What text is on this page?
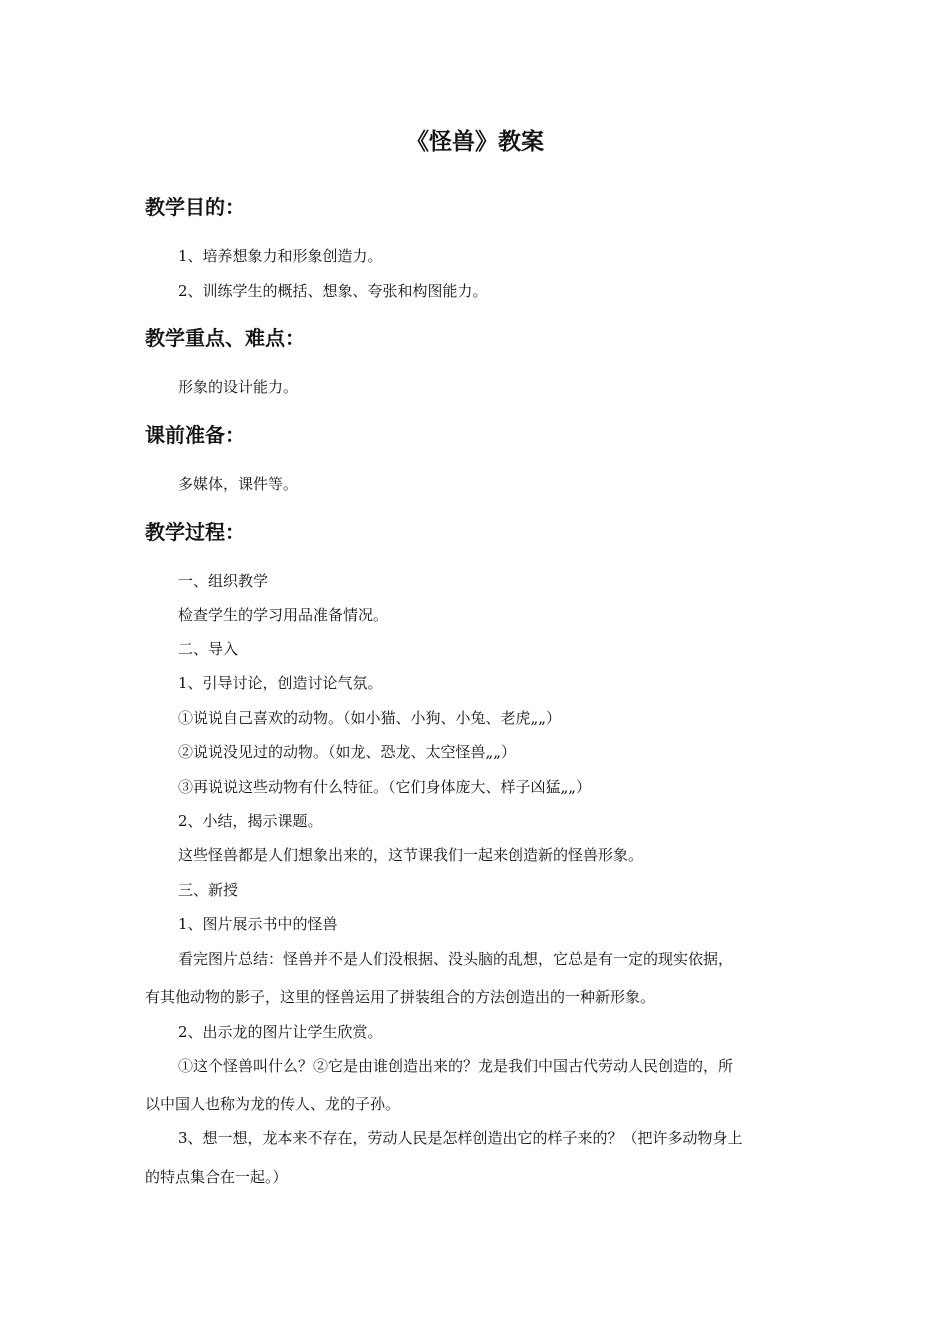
《怪兽》教案
教学目的：

1、培养想象力和形象创造力。

2、训练学生的概括、想象、夸张和构图能力。

教学重点、难点：

形象的设计能力。

课前准备：

多媒体，课件等。

教学过程：

一、组织教学

检查学生的学习用品准备情况。

二、导入

1、引导讨论，创造讨论气氛。

①说说自己喜欢的动物。（如小猫、小狗、小兔、老虎„„）

②说说没见过的动物。（如龙、恐龙、太空怪兽„„）

③再说说这些动物有什么特征。（它们身体庞大、样子凶猛„„）

2、小结，揭示课题。

这些怪兽都是人们想象出来的，这节课我们一起来创造新的怪兽形象。

三、新授

1、图片展示书中的怪兽

看完图片总结：怪兽并不是人们没根据、没头脑的乱想，它总是有一定的现实依据，

有其他动物的影子，这里的怪兽运用了拼装组合的方法创造出的一种新形象。

2、出示龙的图片让学生欣赏。

①这个怪兽叫什么？②它是由谁创造出来的？龙是我们中国古代劳动人民创造的，所

以中国人也称为龙的传人、龙的子孙。

3、想一想，龙本来不存在，劳动人民是怎样创造出它的样子来的？（把许多动物身上

的特点集合在一起。）
